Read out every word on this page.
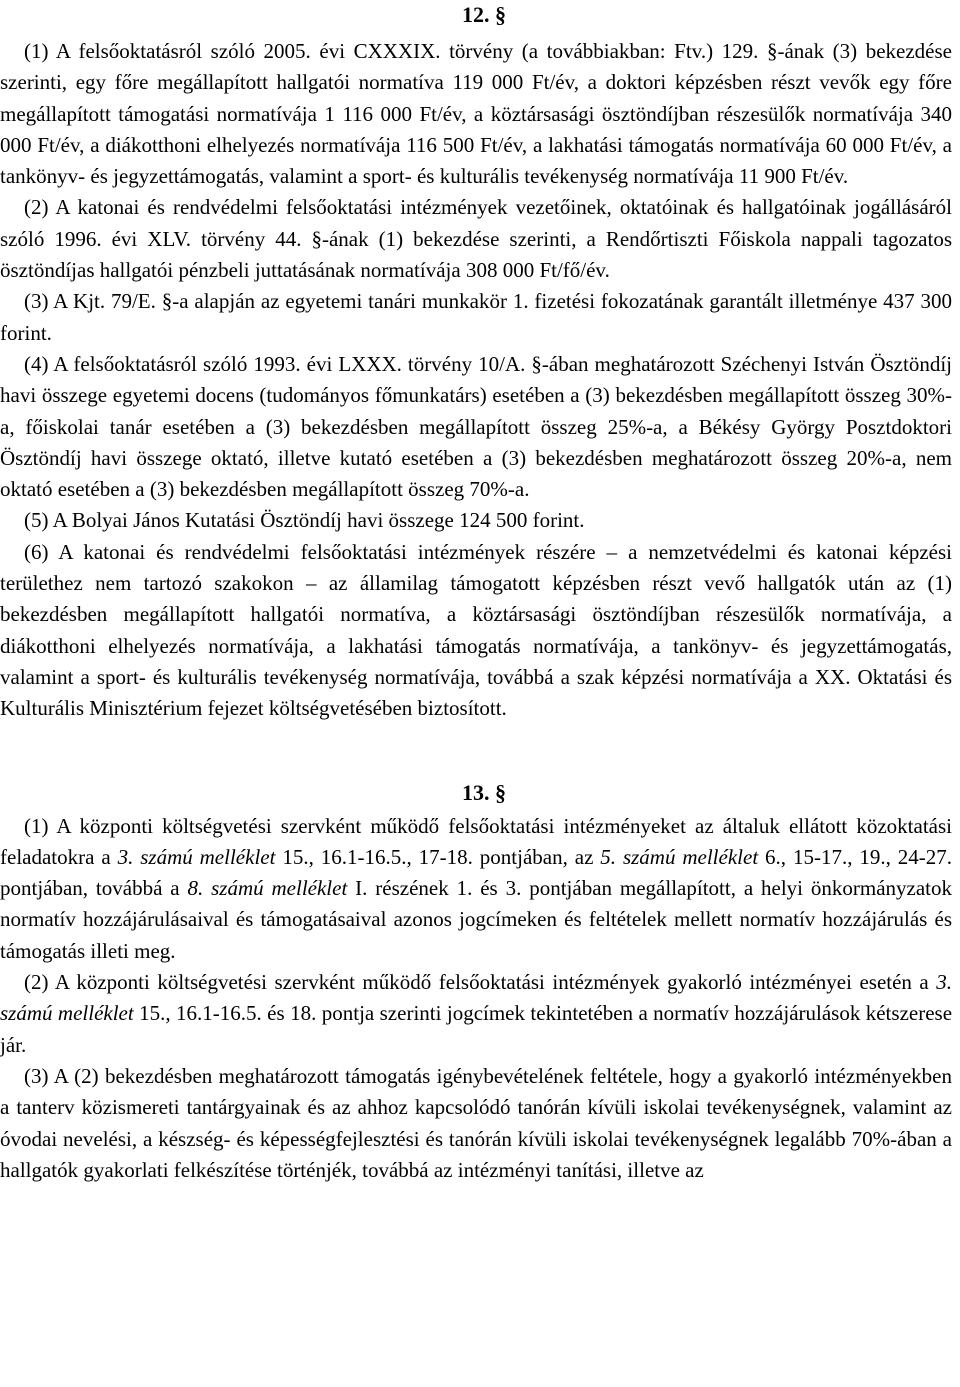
12. §

(1) A felsőoktatásról szóló 2005. évi CXXXIX. törvény (a továbbiakban: Ftv.) 129. §-ának (3) bekezdése szerinti, egy főre megállapított hallgatói normatíva 119 000 Ft/év, a doktori képzésben részt vevők egy főre megállapított támogatási normatívája 1 116 000 Ft/év, a köztársasági ösztöndíjban részesülők normatívája 340 000 Ft/év, a diákotthoni elhelyezés normatívája 116 500 Ft/év, a lakhatási támogatás normatívája 60 000 Ft/év, a tankönyv- és jegyzettámogatás, valamint a sport- és kulturális tevékenység normatívája 11 900 Ft/év.

(2) A katonai és rendvédelmi felsőoktatási intézmények vezetőinek, oktatóinak és hallgatóinak jogállásáról szóló 1996. évi XLV. törvény 44. §-ának (1) bekezdése szerinti, a Rendőrtiszti Főiskola nappali tagozatos ösztöndíjas hallgatói pénzbeli juttatásának normatívája 308 000 Ft/fő/év.

(3) A Kjt. 79/E. §-a alapján az egyetemi tanári munkakör 1. fizetési fokozatának garantált illetménye 437 300 forint.

(4) A felsőoktatásról szóló 1993. évi LXXX. törvény 10/A. §-ában meghatározott Széchenyi István Ösztöndíj havi összege egyetemi docens (tudományos főmunkatárs) esetében a (3) bekezdésben megállapított összeg 30%-a, főiskolai tanár esetében a (3) bekezdésben megállapított összeg 25%-a, a Békésy György Posztdoktori Ösztöndíj havi összege oktató, illetve kutató esetében a (3) bekezdésben meghatározott összeg 20%-a, nem oktató esetében a (3) bekezdésben megállapított összeg 70%-a.

(5) A Bolyai János Kutatási Ösztöndíj havi összege 124 500 forint.

(6) A katonai és rendvédelmi felsőoktatási intézmények részére – a nemzetvédelmi és katonai képzési területhez nem tartozó szakokon – az államilag támogatott képzésben részt vevő hallgatók után az (1) bekezdésben megállapított hallgatói normatíva, a köztársasági ösztöndíjban részesülők normatívája, a diákotthoni elhelyezés normatívája, a lakhatási támogatás normatívája, a tankönyv- és jegyzettámogatás, valamint a sport- és kulturális tevékenység normatívája, továbbá a szak képzési normatívája a XX. Oktatási és Kulturális Minisztérium fejezet költségvetésében biztosított.

13. §

(1) A központi költségvetési szervként működő felsőoktatási intézményeket az általuk ellátott közoktatási feladatokra a 3. számú melléklet 15., 16.1-16.5., 17-18. pontjában, az 5. számú melléklet 6., 15-17., 19., 24-27. pontjában, továbbá a 8. számú melléklet I. részének 1. és 3. pontjában megállapított, a helyi önkormányzatok normatív hozzájárulásaival és támogatásaival azonos jogcímeken és feltételek mellett normatív hozzájárulás és támogatás illeti meg.

(2) A központi költségvetési szervként működő felsőoktatási intézmények gyakorló intézményei esetén a 3. számú melléklet 15., 16.1-16.5. és 18. pontja szerinti jogcímek tekintetében a normatív hozzájárulások kétszerese jár.

(3) A (2) bekezdésben meghatározott támogatás igénybevételének feltétele, hogy a gyakorló intézményekben a tanterv közismereti tantárgyainak és az ahhoz kapcsolódó tanórán kívüli iskolai tevékenységnek, valamint az óvodai nevelési, a készség- és képességfejlesztési és tanórán kívüli iskolai tevékenységnek legalább 70%-ában a hallgatók gyakorlati felkészítése történjék, továbbá az intézményi tanítási, illetve az
